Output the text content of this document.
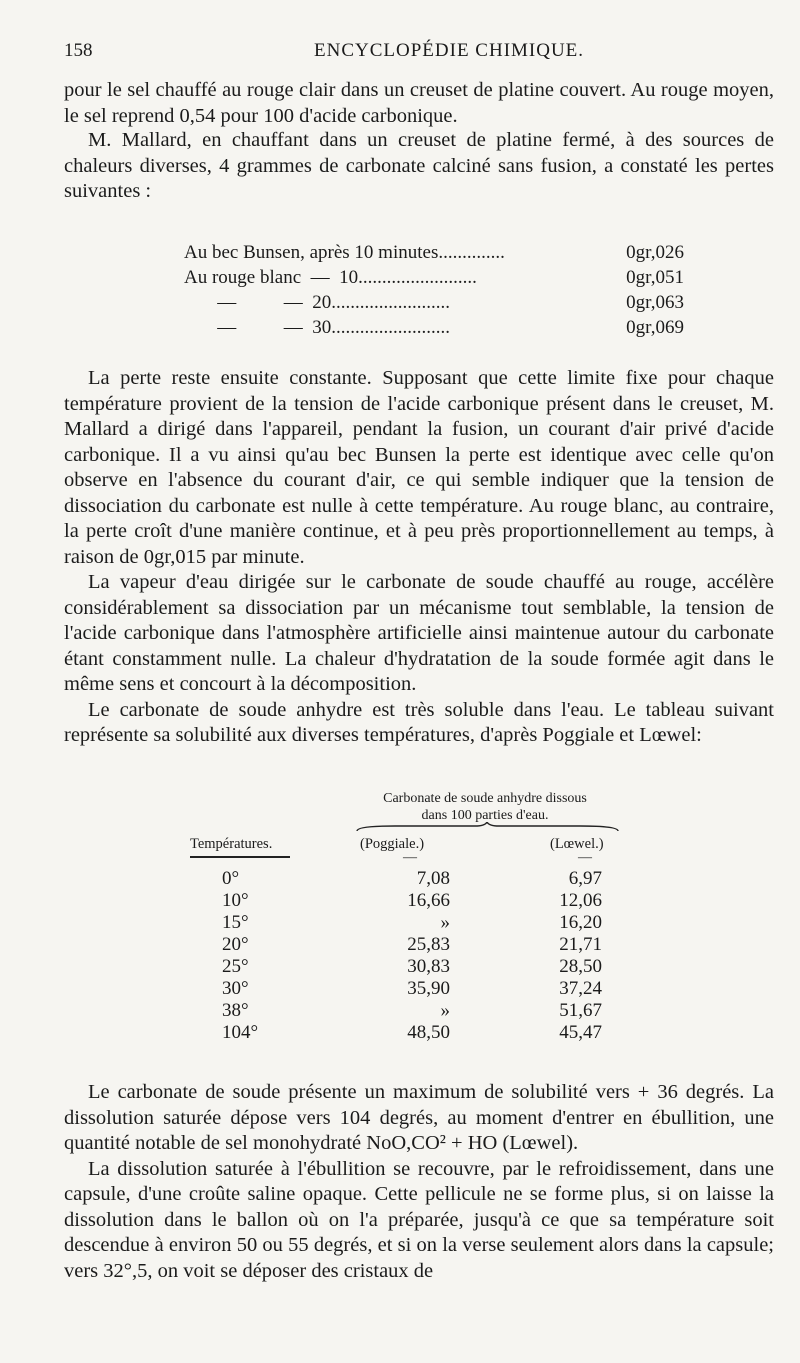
158	ENCYCLOPÉDIE CHIMIQUE.

pour le sel chauffé au rouge clair dans un creuset de platine couvert. Au rouge moyen, le sel reprend 0,54 pour 100 d'acide carbonique.

M. Mallard, en chauffant dans un creuset de platine fermé, à des sources de chaleurs diverses, 4 grammes de carbonate calciné sans fusion, a constaté les pertes suivantes :

Au bec Bunsen, après 10 minutes..............	0gr,026
Au rouge blanc  —  10.........................	0gr,051
—          —  20.........................	0gr,063
—          —  30.........................	0gr,069

La perte reste ensuite constante. Supposant que cette limite fixe pour chaque température provient de la tension de l'acide carbonique présent dans le creuset, M. Mallard a dirigé dans l'appareil, pendant la fusion, un courant d'air privé d'acide carbonique. Il a vu ainsi qu'au bec Bunsen la perte est identique avec celle qu'on observe en l'absence du courant d'air, ce qui semble indiquer que la tension de dissociation du carbonate est nulle à cette température. Au rouge blanc, au contraire, la perte croît d'une manière continue, et à peu près proportionnellement au temps, à raison de 0gr,015 par minute.

La vapeur d'eau dirigée sur le carbonate de soude chauffé au rouge, accélère considérablement sa dissociation par un mécanisme tout semblable, la tension de l'acide carbonique dans l'atmosphère artificielle ainsi maintenue autour du carbonate étant constamment nulle. La chaleur d'hydratation de la soude formée agit dans le même sens et concourt à la décomposition.

Le carbonate de soude anhydre est très soluble dans l'eau. Le tableau suivant représente sa solubilité aux diverses températures, d'après Poggiale et Lœwel:

Carbonate de soude anhydre dissous
dans 100 parties d'eau.
Températures.	(Poggiale.)	(Lœwel.)
—	—
0°	7,08	6,97
10°	16,66	12,06
15°	»	16,20
20°	25,83	21,71
25°	30,83	28,50
30°	35,90	37,24
38°	»	51,67
104°	48,50	45,47

Le carbonate de soude présente un maximum de solubilité vers + 36 degrés. La dissolution saturée dépose vers 104 degrés, au moment d'entrer en ébullition, une quantité notable de sel monohydraté NoO,CO² + HO (Lœwel).

La dissolution saturée à l'ébullition se recouvre, par le refroidissement, dans une capsule, d'une croûte saline opaque. Cette pellicule ne se forme plus, si on laisse la dissolution dans le ballon où on l'a préparée, jusqu'à ce que sa température soit descendue à environ 50 ou 55 degrés, et si on la verse seulement alors dans la capsule; vers 32°,5, on voit se déposer des cristaux de
